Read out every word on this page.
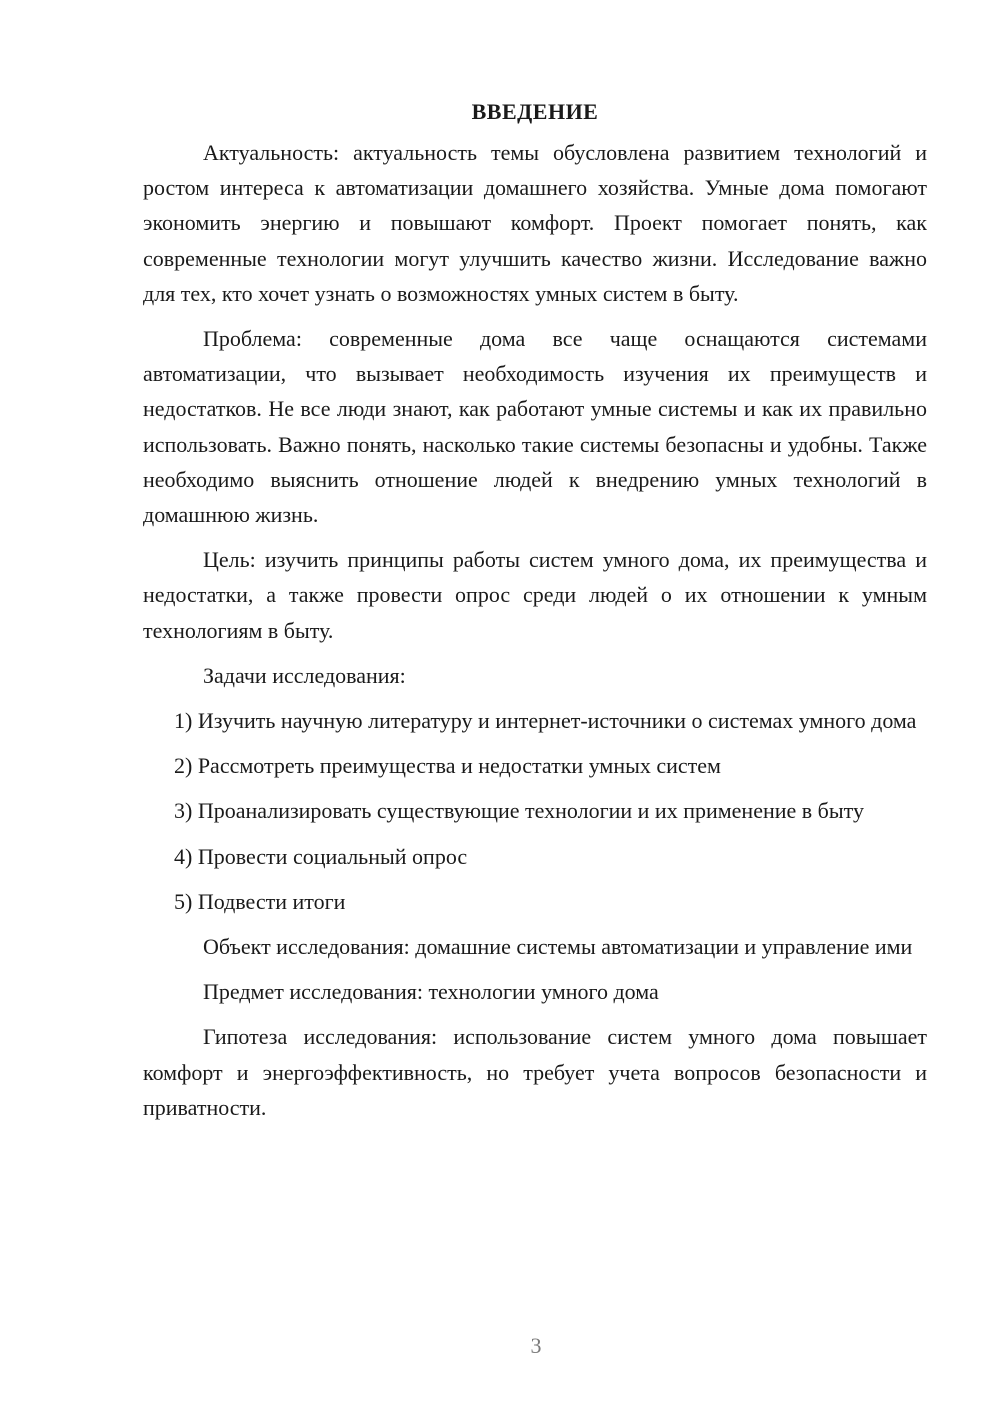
ВВЕДЕНИЕ

Актуальность: актуальность темы обусловлена развитием технологий и ростом интереса к автоматизации домашнего хозяйства. Умные дома помогают экономить энергию и повышают комфорт. Проект помогает понять, как современные технологии могут улучшить качество жизни. Исследование важно для тех, кто хочет узнать о возможностях умных систем в быту.

Проблема: современные дома все чаще оснащаются системами автоматизации, что вызывает необходимость изучения их преимуществ и недостатков. Не все люди знают, как работают умные системы и как их правильно использовать. Важно понять, насколько такие системы безопасны и удобны. Также необходимо выяснить отношение людей к внедрению умных технологий в домашнюю жизнь.

Цель: изучить принципы работы систем умного дома, их преимущества и недостатки, а также провести опрос среди людей о их отношении к умным технологиям в быту.

Задачи исследования:

1) Изучить научную литературу и интернет-источники о системах умного дома

2) Рассмотреть преимущества и недостатки умных систем

3) Проанализировать существующие технологии и их применение в быту

4) Провести социальный опрос

5) Подвести итоги

Объект исследования: домашние системы автоматизации и управление ими

Предмет исследования: технологии умного дома

Гипотеза исследования: использование систем умного дома повышает комфорт и энергоэффективность, но требует учета вопросов безопасности и приватности.

3
